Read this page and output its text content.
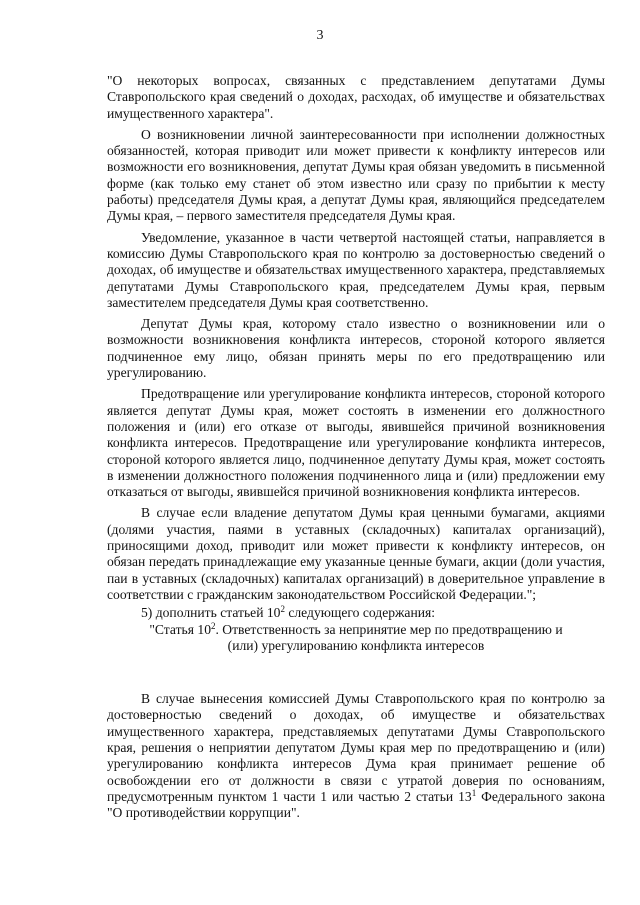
3

"О некоторых вопросах, связанных с представлением депутатами Думы Ставропольского края сведений о доходах, расходах, об имуществе и обязательствах имущественного характера".

О возникновении личной заинтересованности при исполнении должностных обязанностей, которая приводит или может привести к конфликту интересов или возможности его возникновения, депутат Думы края обязан уведомить в письменной форме (как только ему станет об этом известно или сразу по прибытии к месту работы) председателя Думы края, а депутат Думы края, являющийся председателем Думы края, – первого заместителя председателя Думы края.

Уведомление, указанное в части четвертой настоящей статьи, направляется в комиссию Думы Ставропольского края по контролю за достоверностью сведений о доходах, об имуществе и обязательствах имущественного характера, представляемых депутатами Думы Ставропольского края, председателем Думы края, первым заместителем председателя Думы края соответственно.

Депутат Думы края, которому стало известно о возникновении или о возможности возникновения конфликта интересов, стороной которого является подчиненное ему лицо, обязан принять меры по его предотвращению или урегулированию.

Предотвращение или урегулирование конфликта интересов, стороной которого является депутат Думы края, может состоять в изменении его должностного положения и (или) его отказе от выгоды, явившейся причиной возникновения конфликта интересов. Предотвращение или урегулирование конфликта интересов, стороной которого является лицо, подчиненное депутату Думы края, может состоять в изменении должностного положения подчиненного лица и (или) предложении ему отказаться от выгоды, явившейся причиной возникновения конфликта интересов.

В случае если владение депутатом Думы края ценными бумагами, акциями (долями участия, паями в уставных (складочных) капиталах организаций), приносящими доход, приводит или может привести к конфликту интересов, он обязан передать принадлежащие ему указанные ценные бумаги, акции (доли участия, паи в уставных (складочных) капиталах организаций) в доверительное управление в соответствии с гражданским законодательством Российской Федерации.";

5) дополнить статьей $10^2$ следующего содержания:

"Статья $10^2$. Ответственность за непринятие мер по предотвращению и
(или) урегулированию конфликта интересов

В случае вынесения комиссией Думы Ставропольского края по контролю за достоверностью сведений о доходах, об имуществе и обязательствах имущественного характера, представляемых депутатами Думы Ставропольского края, решения о неприятии депутатом Думы края мер по предотвращению и (или) урегулированию конфликта интересов Дума края принимает решение об освобождении его от должности в связи с утратой доверия по основаниям, предусмотренным пунктом 1 части 1 или частью 2 статьи $13^1$ Федерального закона "О противодействии коррупции".
